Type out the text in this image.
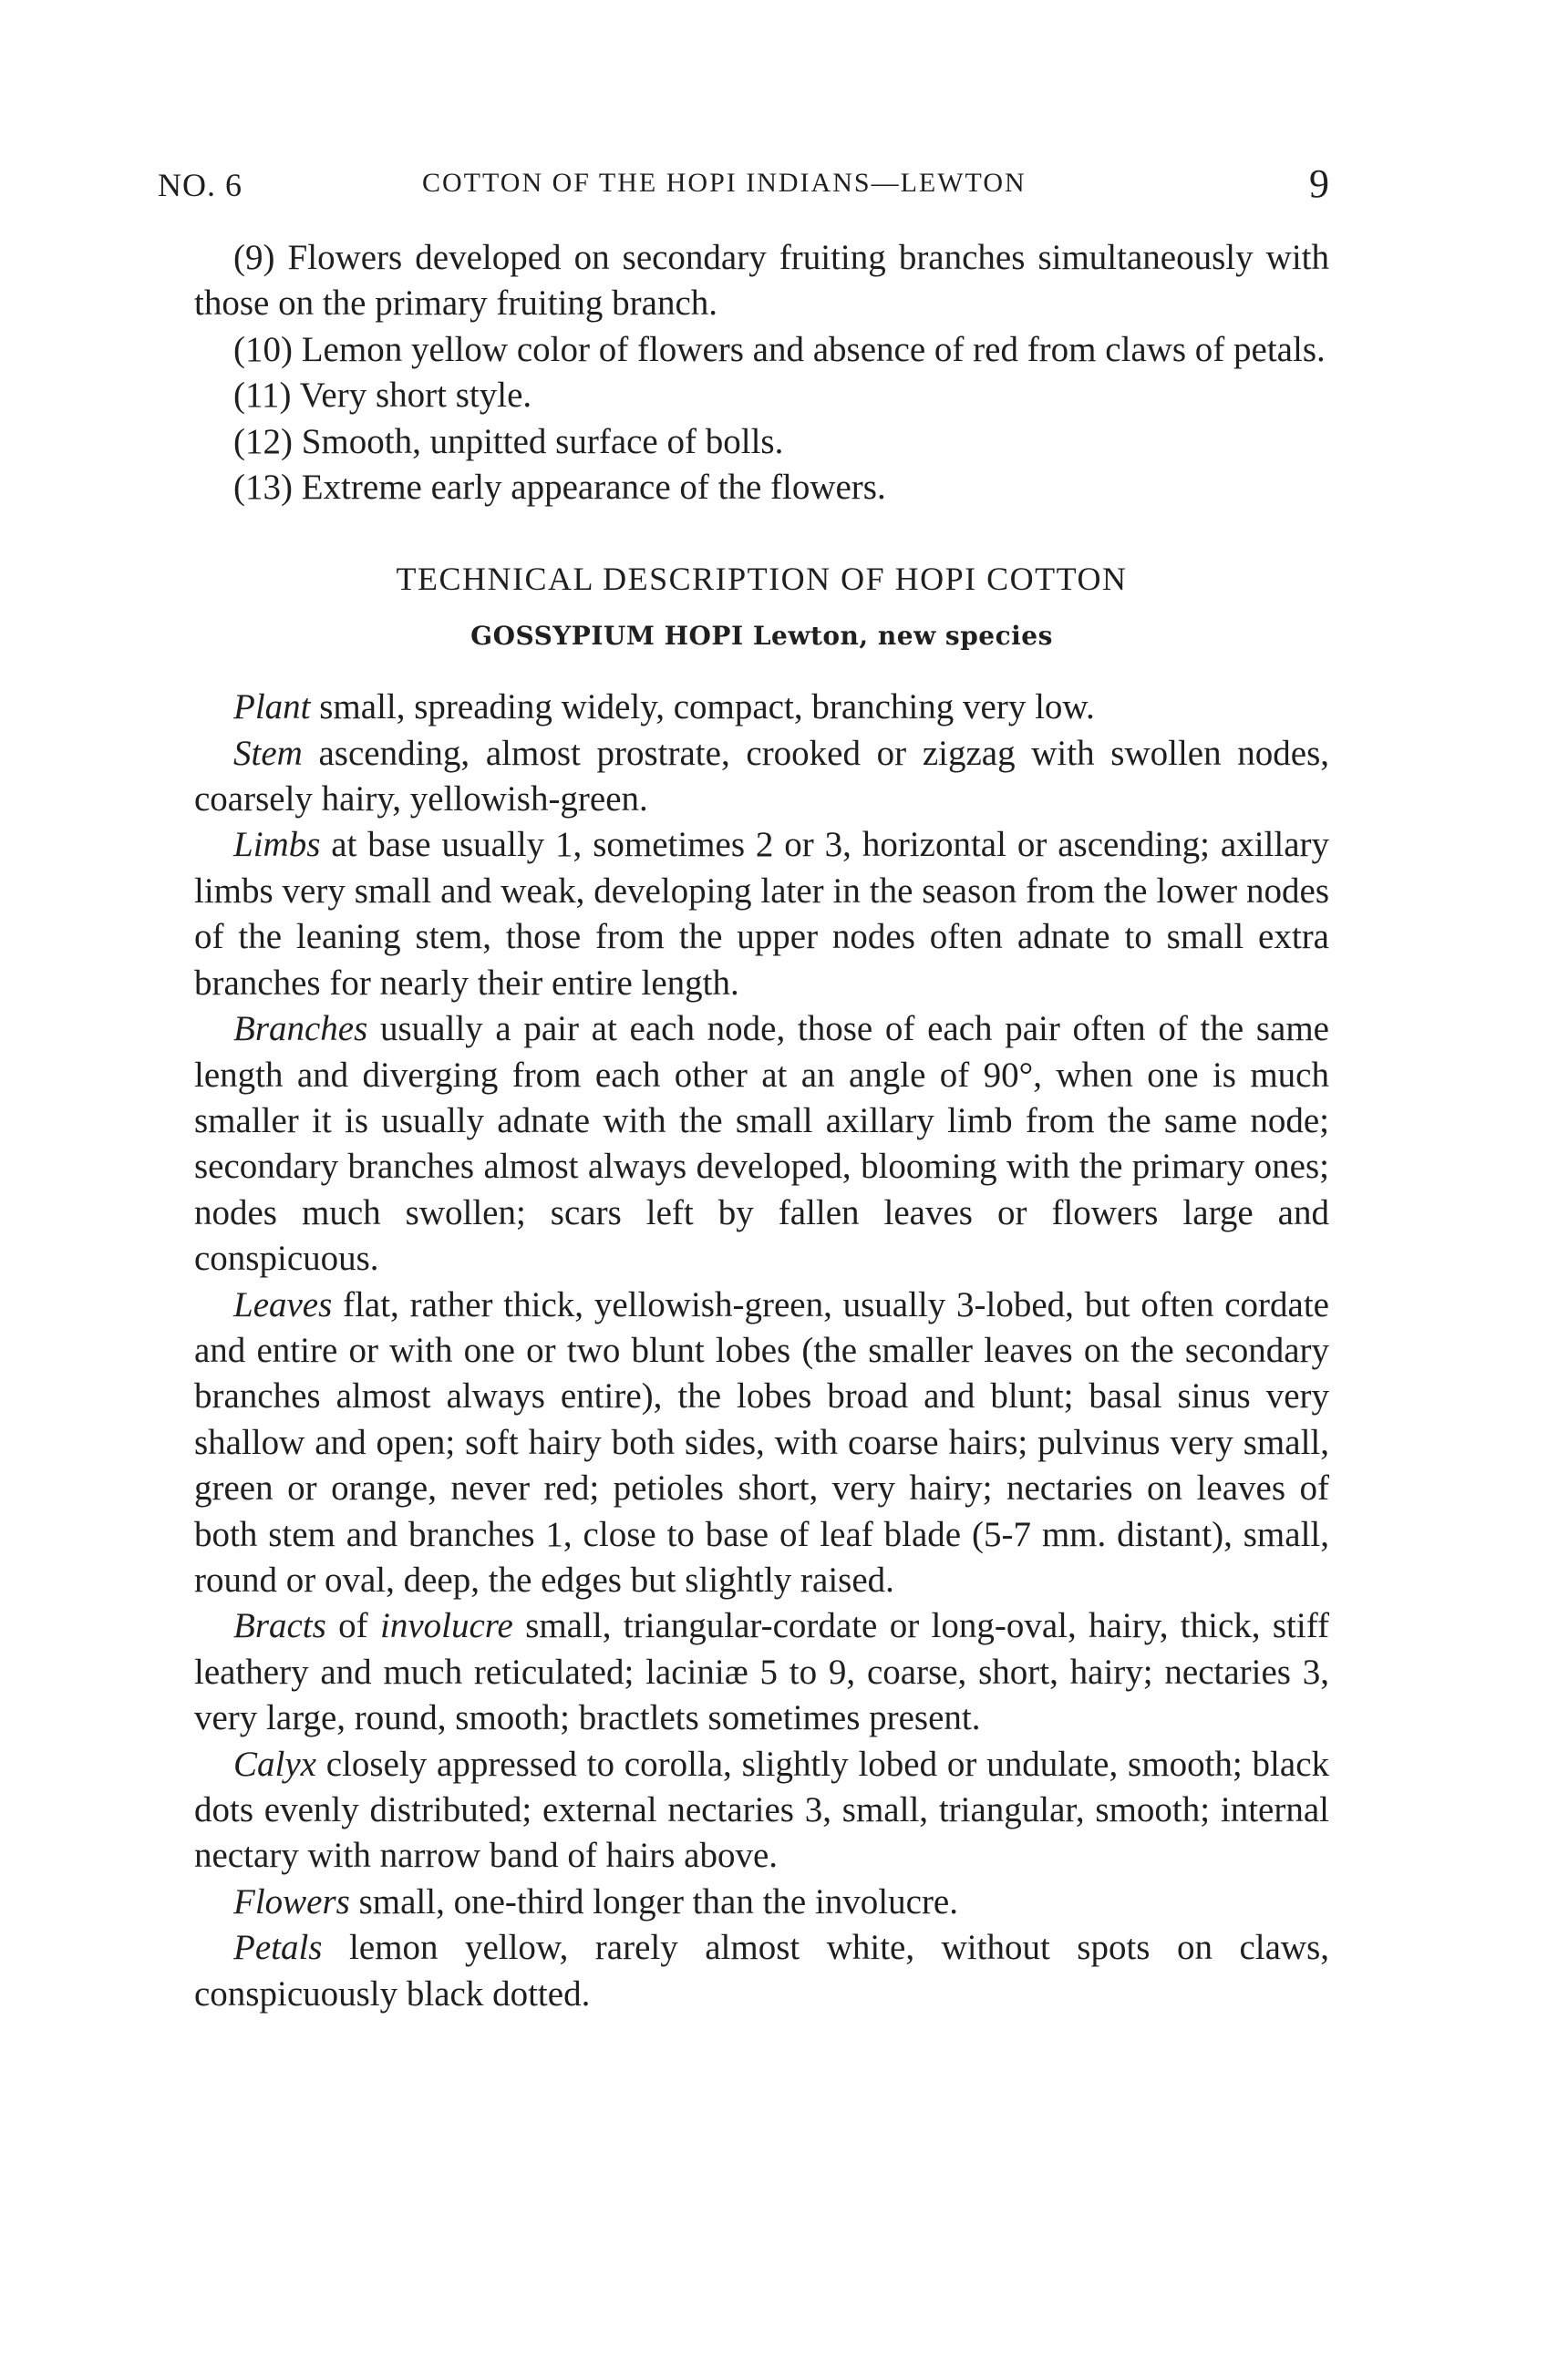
NO. 6	COTTON OF THE HOPI INDIANS—LEWTON	9

(9) Flowers developed on secondary fruiting branches simultaneously with those on the primary fruiting branch.

(10) Lemon yellow color of flowers and absence of red from claws of petals.

(11) Very short style.

(12) Smooth, unpitted surface of bolls.

(13) Extreme early appearance of the flowers.

TECHNICAL DESCRIPTION OF HOPI COTTON

GOSSYPIUM HOPI Lewton, new species

Plant small, spreading widely, compact, branching very low.

Stem ascending, almost prostrate, crooked or zigzag with swollen nodes, coarsely hairy, yellowish-green.

Limbs at base usually 1, sometimes 2 or 3, horizontal or ascending; axillary limbs very small and weak, developing later in the season from the lower nodes of the leaning stem, those from the upper nodes often adnate to small extra branches for nearly their entire length.

Branches usually a pair at each node, those of each pair often of the same length and diverging from each other at an angle of 90°, when one is much smaller it is usually adnate with the small axillary limb from the same node; secondary branches almost always developed, blooming with the primary ones; nodes much swollen; scars left by fallen leaves or flowers large and conspicuous.

Leaves flat, rather thick, yellowish-green, usually 3-lobed, but often cordate and entire or with one or two blunt lobes (the smaller leaves on the secondary branches almost always entire), the lobes broad and blunt; basal sinus very shallow and open; soft hairy both sides, with coarse hairs; pulvinus very small, green or orange, never red; petioles short, very hairy; nectaries on leaves of both stem and branches 1, close to base of leaf blade (5-7 mm. distant), small, round or oval, deep, the edges but slightly raised.

Bracts of involucre small, triangular-cordate or long-oval, hairy, thick, stiff leathery and much reticulated; laciniæ 5 to 9, coarse, short, hairy; nectaries 3, very large, round, smooth; bractlets sometimes present.

Calyx closely appressed to corolla, slightly lobed or undulate, smooth; black dots evenly distributed; external nectaries 3, small, triangular, smooth; internal nectary with narrow band of hairs above.

Flowers small, one-third longer than the involucre.

Petals lemon yellow, rarely almost white, without spots on claws, conspicuously black dotted.
